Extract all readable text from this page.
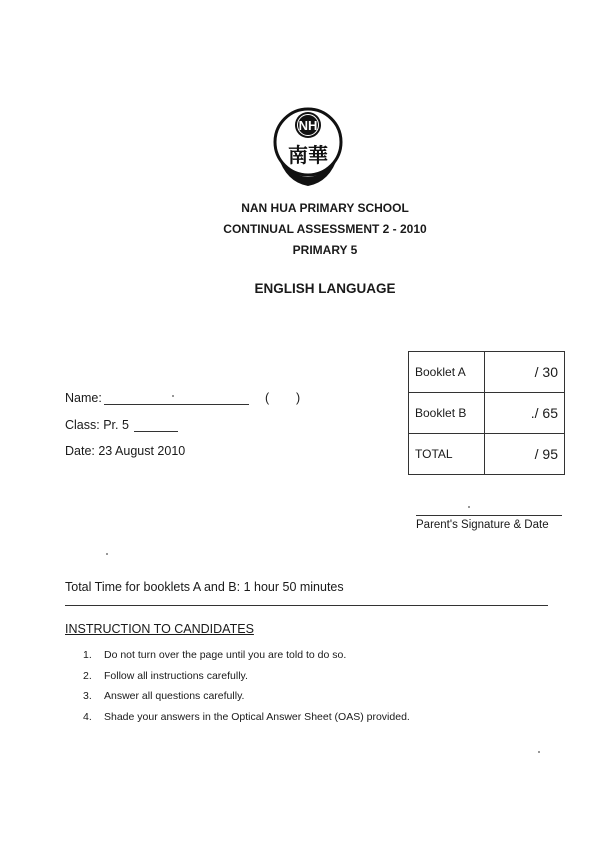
NH
南華
NAN HUA PRIMARY SCHOOL
CONTINUAL ASSESSMENT 2 - 2010
PRIMARY 5
ENGLISH LANGUAGE
Name:	( )
Class: Pr. 5
Date: 23 August 2010
Booklet A	/ 30
Booklet B	./ 65
TOTAL	/ 95
Parent's Signature & Date
Total Time for booklets A and B: 1 hour 50 minutes
INSTRUCTION TO CANDIDATES
1. Do not turn over the page until you are told to do so.
2. Follow all instructions carefully.
3. Answer all questions carefully.
4. Shade your answers in the Optical Answer Sheet (OAS) provided.
